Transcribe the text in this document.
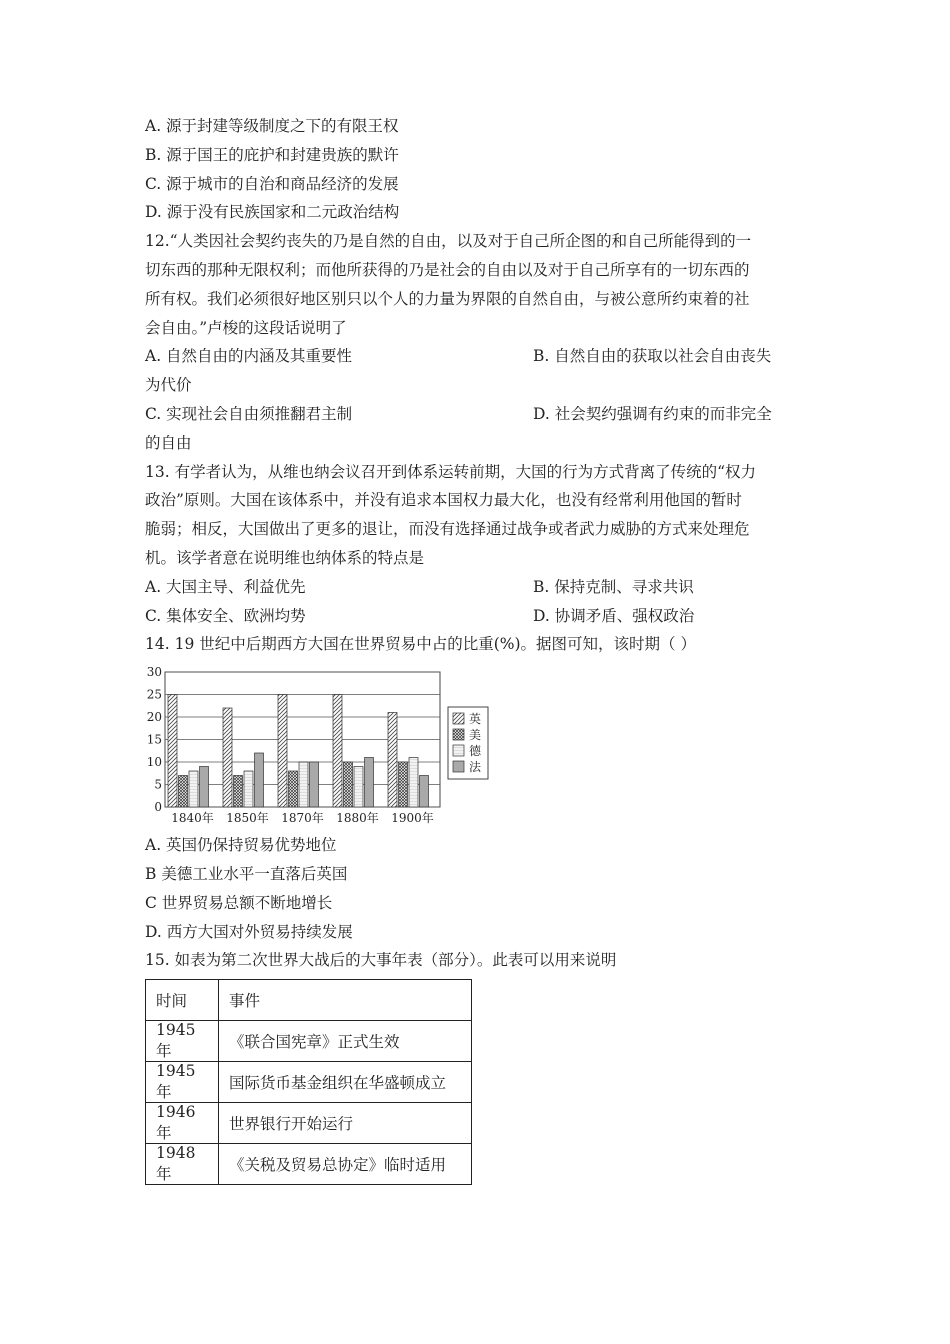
A. 源于封建等级制度之下的有限王权
B. 源于国王的庇护和封建贵族的默许
C. 源于城市的自治和商品经济的发展
D. 源于没有民族国家和二元政治结构
12.“人类因社会契约丧失的乃是自然的自由，以及对于自己所企图的和自己所能得到的一
切东西的那种无限权利；而他所获得的乃是社会的自由以及对于自己所享有的一切东西的
所有权。我们必须很好地区别只以个人的力量为界限的自然自由，与被公意所约束着的社
会自由。”卢梭的这段话说明了
A. 自然自由的内涵及其重要性	B. 自然自由的获取以社会自由丧失
为代价
C. 实现社会自由须推翻君主制	D. 社会契约强调有约束的而非完全
的自由
13. 有学者认为，从维也纳会议召开到体系运转前期，大国的行为方式背离了传统的“权力
政治”原则。大国在该体系中，并没有追求本国权力最大化，也没有经常利用他国的暂时
脆弱；相反，大国做出了更多的退让，而没有选择通过战争或者武力威胁的方式来处理危
机。该学者意在说明维也纳体系的特点是
A. 大国主导、利益优先	B. 保持克制、寻求共识
C. 集体安全、欧洲均势	D. 协调矛盾、强权政治
14. 19 世纪中后期西方大国在世界贸易中占的比重(%)。据图可知，该时期（ ）
1840年 1850年 1870年 1880年 1900年
0
5
10
15
20
25
30
英
美
德
法
A. 英国仍保持贸易优势地位
B 美德工业水平一直落后英国
C 世界贸易总额不断地增长
D. 西方大国对外贸易持续发展
15. 如表为第二次世界大战后的大事年表（部分）。此表可以用来说明
时间	事件
1945 年	《联合国宪章》正式生效
1945 年	国际货币基金组织在华盛顿成立
1946 年	世界银行开始运行
1948 年	《关税及贸易总协定》临时适用
